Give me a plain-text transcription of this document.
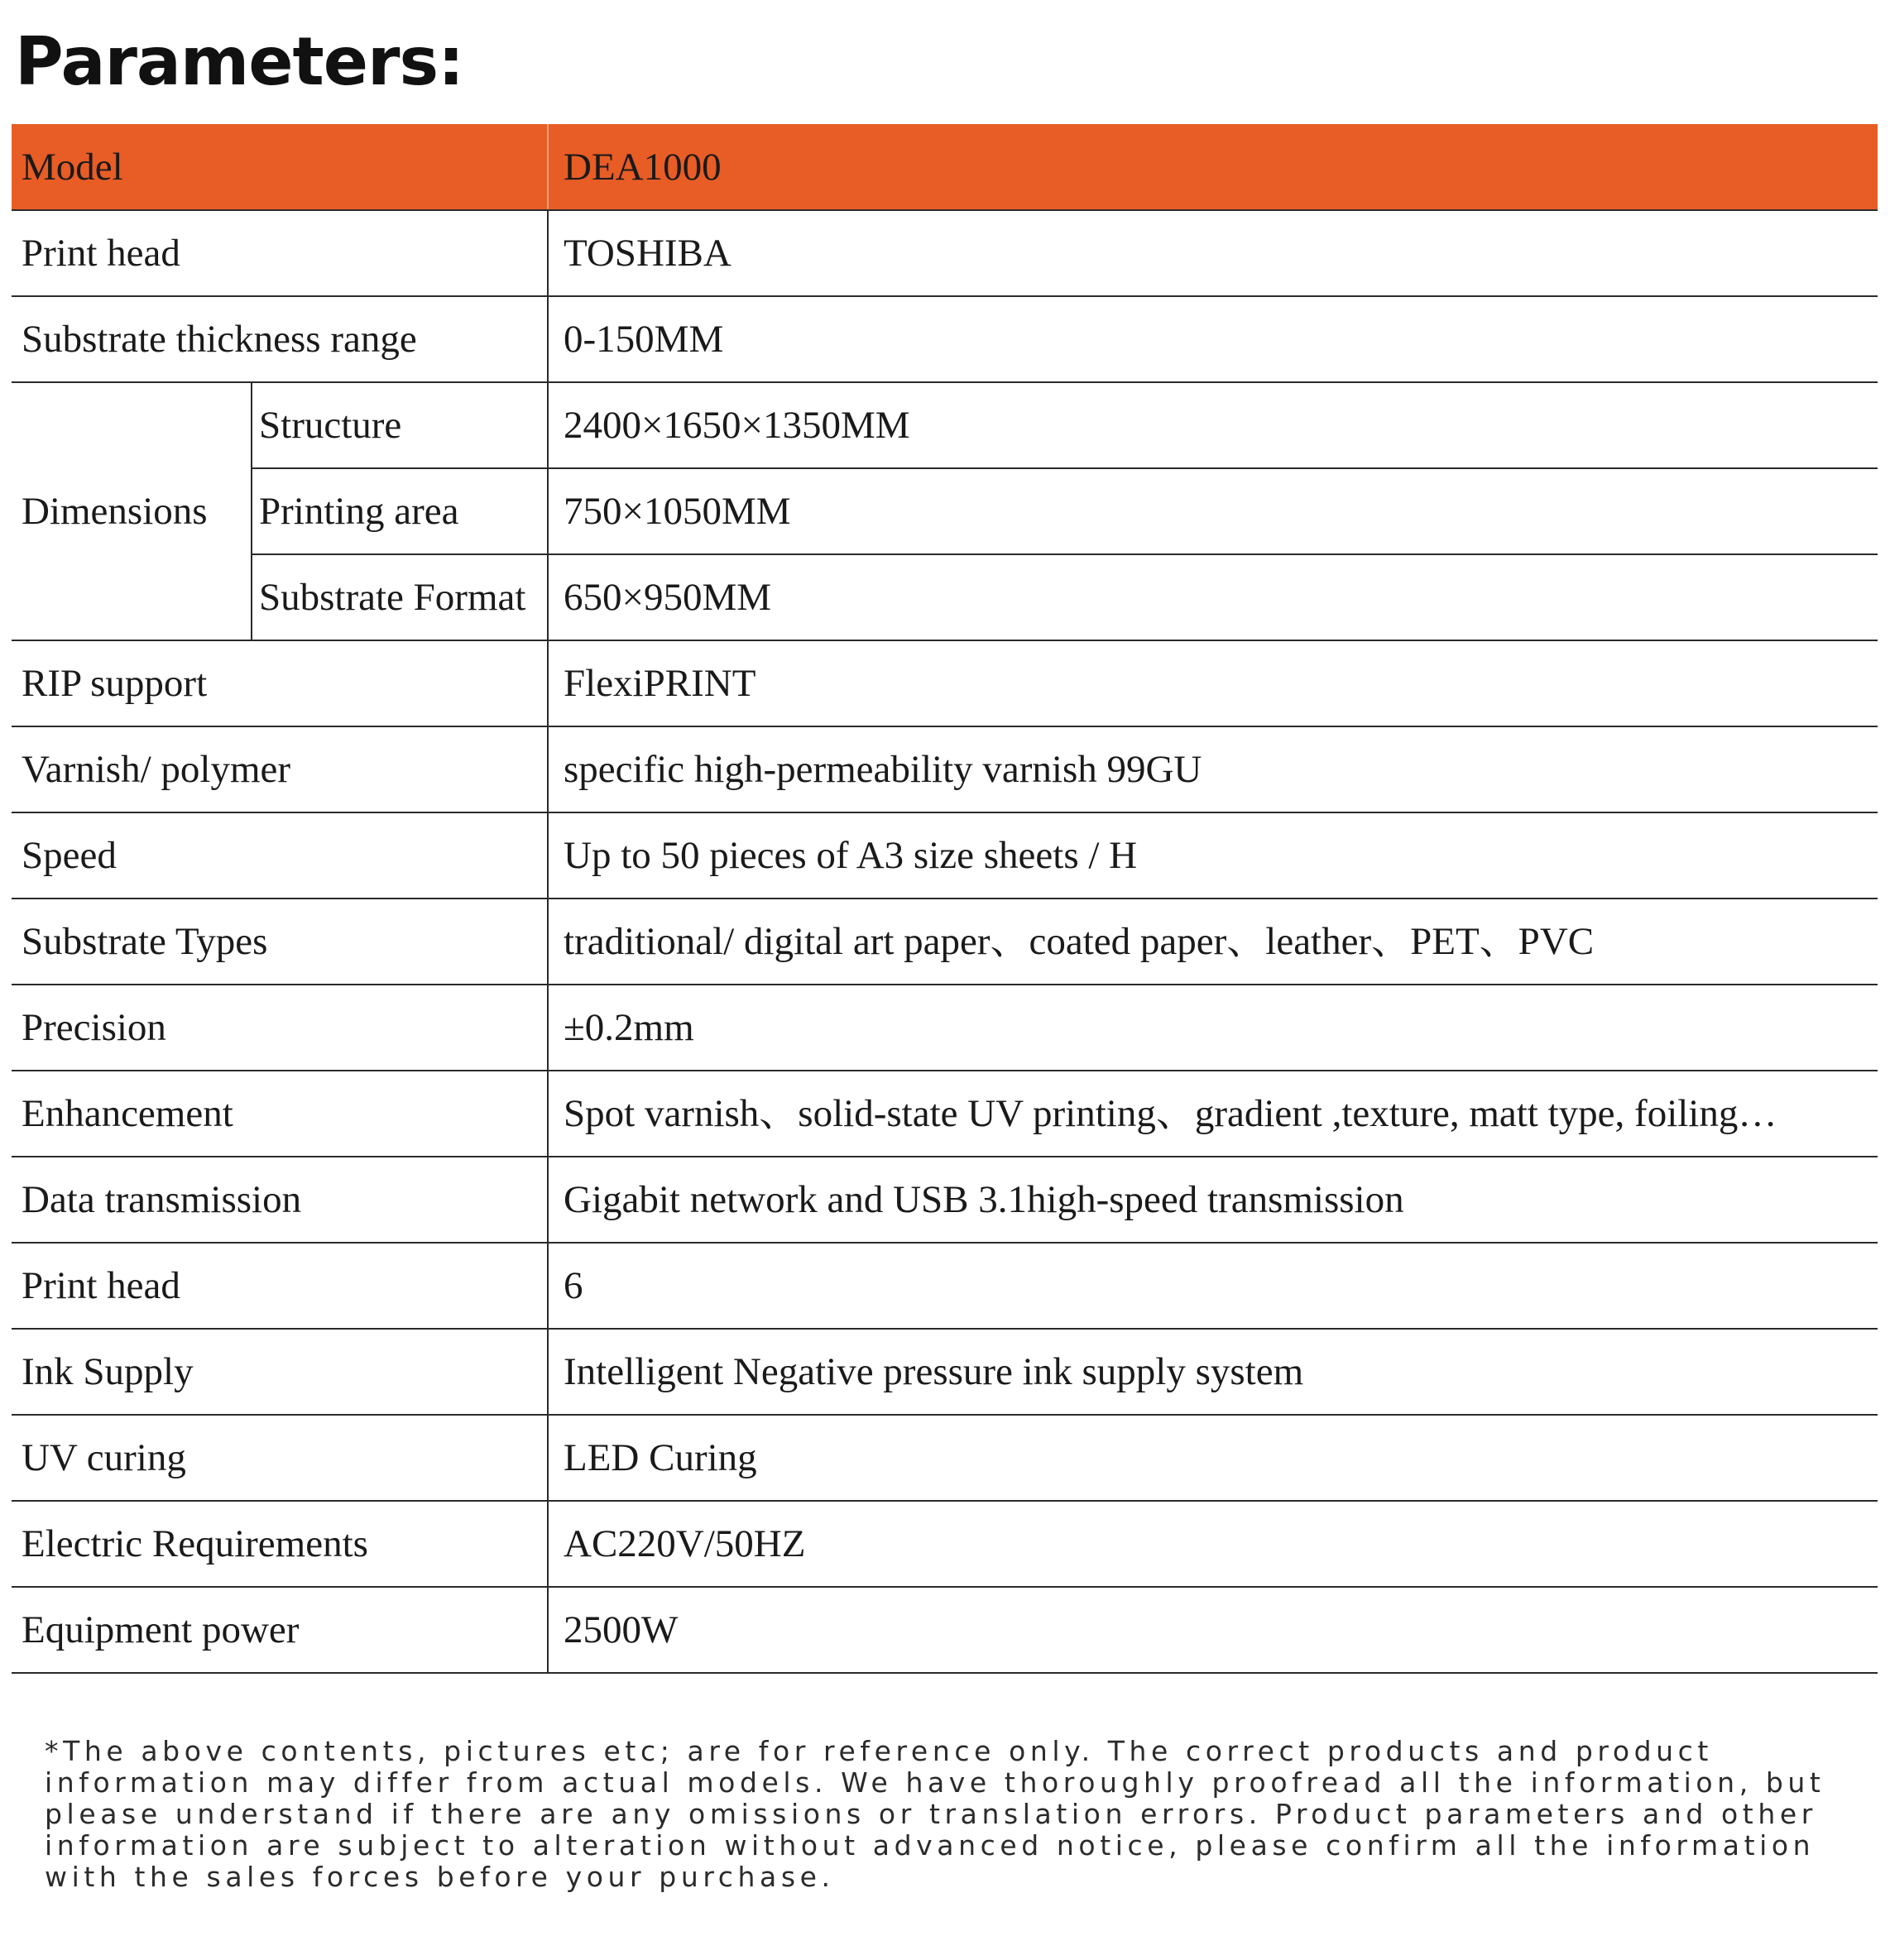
Parameters:
Model		DEA1000
Print head		TOSHIBA
Substrate thickness range		0-150MM
Dimensions	Structure	2400×1650×1350MM
	Printing area	750×1050MM
	Substrate Format	650×950MM
RIP support		FlexiPRINT
Varnish/ polymer		specific high-permeability varnish 99GU
Speed		Up to 50 pieces of A3 size sheets / H
Substrate Types		traditional/ digital art paper、coated paper、leather、PET、PVC
Precision		±0.2mm
Enhancement		Spot varnish、solid-state UV printing、gradient ,texture, matt type, foiling…
Data transmission		Gigabit network and USB 3.1high-speed transmission
Print head		6
Ink Supply		Intelligent Negative pressure ink supply system
UV curing		LED Curing
Electric Requirements		AC220V/50HZ
Equipment power		2500W

*The above contents, pictures etc; are for reference only. The correct products and product information may differ from actual models. We have thoroughly proofread all the information, but please understand if there are any omissions or translation errors. Product parameters and other information are subject to alteration without advanced notice, please confirm all the information with the sales forces before your purchase.
